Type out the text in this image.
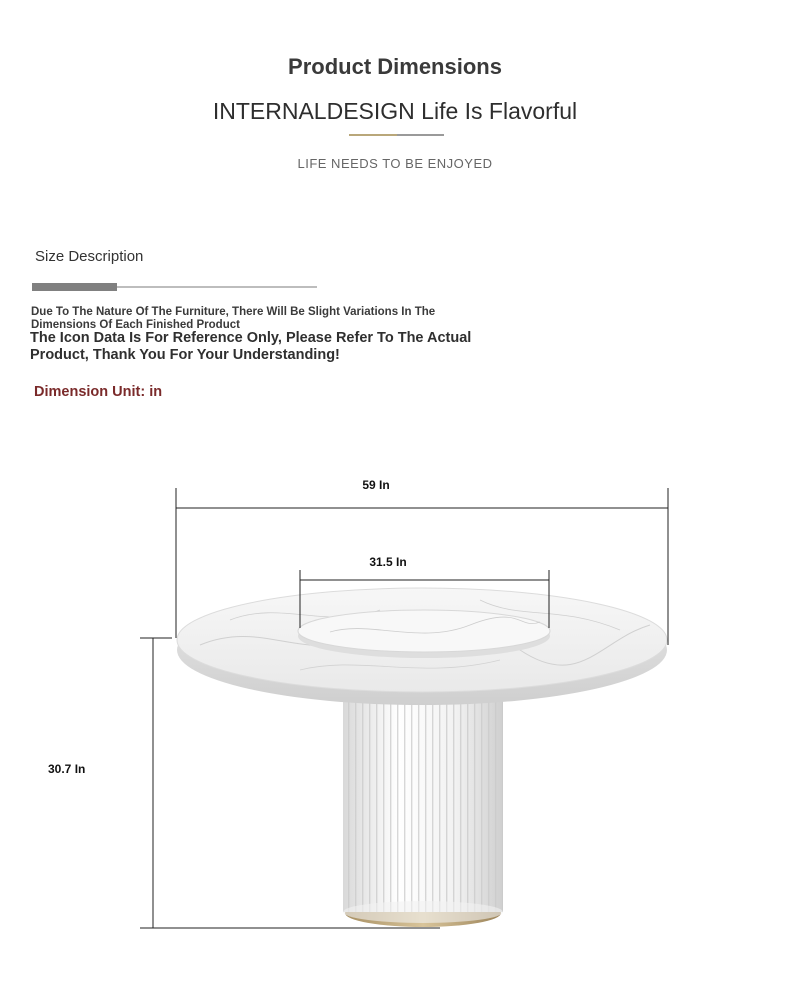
Product Dimensions
INTERNALDESIGN Life Is Flavorful
LIFE NEEDS TO BE ENJOYED
Size Description
Due To The Nature Of The Furniture, There Will Be Slight Variations In The Dimensions Of Each Finished Product
The Icon Data Is For Reference Only, Please Refer To The Actual Product, Thank You For Your Understanding!
Dimension Unit: in
59 In
31.5 In
30.7 In
